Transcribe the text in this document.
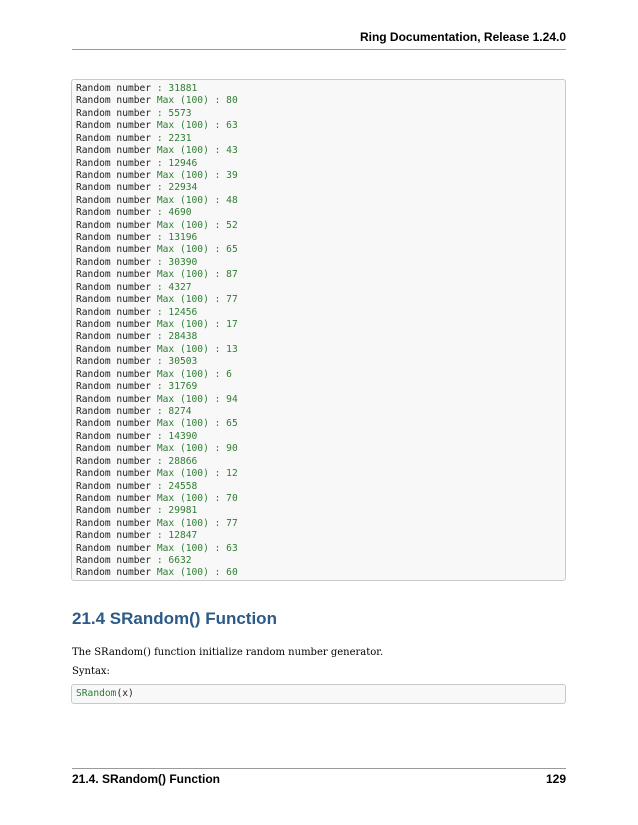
Ring Documentation, Release 1.24.0
Random number : 31881
Random number Max (100) : 80
Random number : 5573
Random number Max (100) : 63
Random number : 2231
Random number Max (100) : 43
Random number : 12946
Random number Max (100) : 39
Random number : 22934
Random number Max (100) : 48
Random number : 4690
Random number Max (100) : 52
Random number : 13196
Random number Max (100) : 65
Random number : 30390
Random number Max (100) : 87
Random number : 4327
Random number Max (100) : 77
Random number : 12456
Random number Max (100) : 17
Random number : 28438
Random number Max (100) : 13
Random number : 30503
Random number Max (100) : 6
Random number : 31769
Random number Max (100) : 94
Random number : 8274
Random number Max (100) : 65
Random number : 14390
Random number Max (100) : 90
Random number : 28866
Random number Max (100) : 12
Random number : 24558
Random number Max (100) : 70
Random number : 29981
Random number Max (100) : 77
Random number : 12847
Random number Max (100) : 63
Random number : 6632
Random number Max (100) : 60
21.4 SRandom() Function
The SRandom() function initialize random number generator.
Syntax:
SRandom(x)
21.4. SRandom() Function	129
